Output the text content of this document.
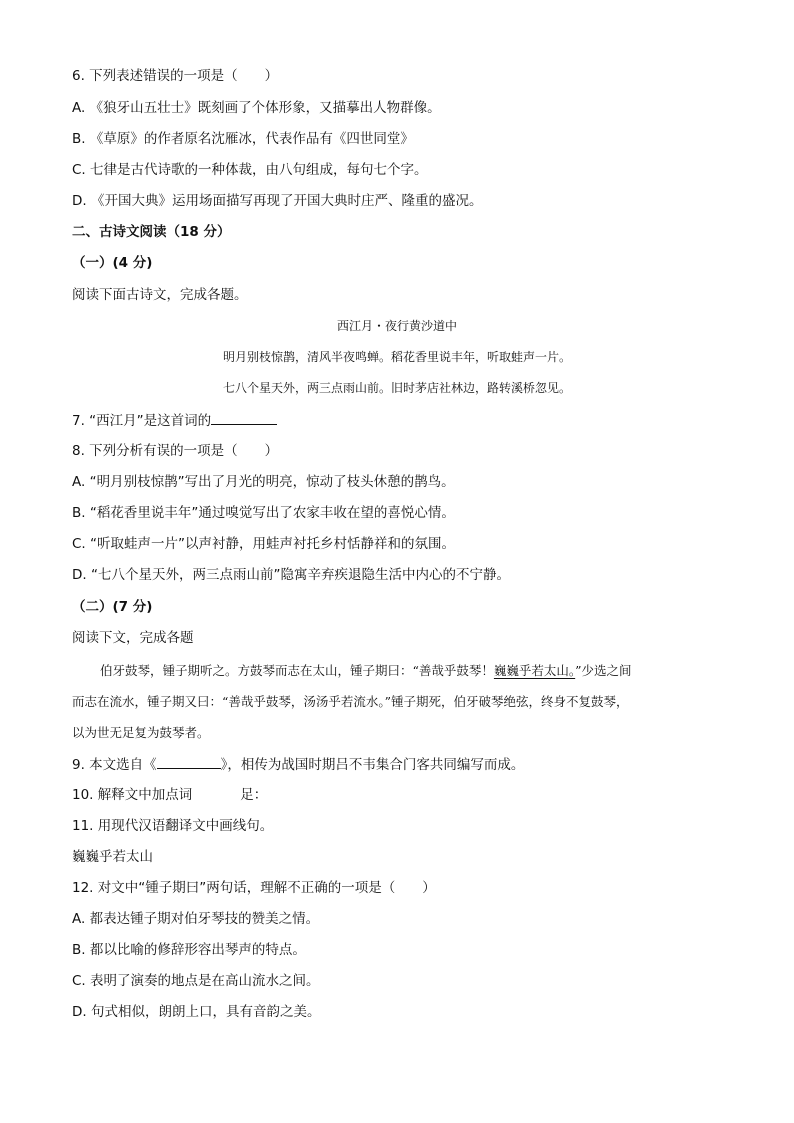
6. 下列表述错误的一项是（　　）
A. 《狼牙山五壮士》既刻画了个体形象，又描摹出人物群像。
B. 《草原》的作者原名沈雁冰，代表作品有《四世同堂》
C. 七律是古代诗歌的一种体裁，由八句组成，每句七个字。
D. 《开国大典》运用场面描写再现了开国大典时庄严、隆重的盛况。
二、古诗文阅读（18 分）
（一）(4 分)
阅读下面古诗文，完成各题。
西江月・夜行黄沙道中
明月别枝惊鹊，清风半夜鸣蝉。稻花香里说丰年，听取蛙声一片。
七八个星天外，两三点雨山前。旧时茅店社林边，路转溪桥忽见。
7. “西江月”是这首词的
8. 下列分析有误的一项是（　　）
A. “明月别枝惊鹊”写出了月光的明亮，惊动了枝头休憩的鹊鸟。
B. “稻花香里说丰年”通过嗅觉写出了农家丰收在望的喜悦心情。
C. “听取蛙声一片”以声衬静，用蛙声衬托乡村恬静祥和的氛围。
D. “七八个星天外，两三点雨山前”隐寓辛弃疾退隐生活中内心的不宁静。
（二）(7 分)
阅读下文，完成各题
伯牙鼓琴，锺子期听之。方鼓琴而志在太山，锺子期曰：“善哉乎鼓琴！巍巍乎若太山。”少选之间
而志在流水，锺子期又曰：“善哉乎鼓琴，汤汤乎若流水。”锺子期死，伯牙破琴绝弦，终身不复鼓琴，
以为世无足复为鼓琴者。
9. 本文选自《	》，相传为战国时期吕不韦集合门客共同编写而成。
10. 解释文中加点词	足：
11. 用现代汉语翻译文中画线句。
巍巍乎若太山
12. 对文中“锺子期曰”两句话，理解不正确的一项是（　　）
A. 都表达锺子期对伯牙琴技的赞美之情。
B. 都以比喻的修辞形容出琴声的特点。
C. 表明了演奏的地点是在高山流水之间。
D. 句式相似，朗朗上口，具有音韵之美。
